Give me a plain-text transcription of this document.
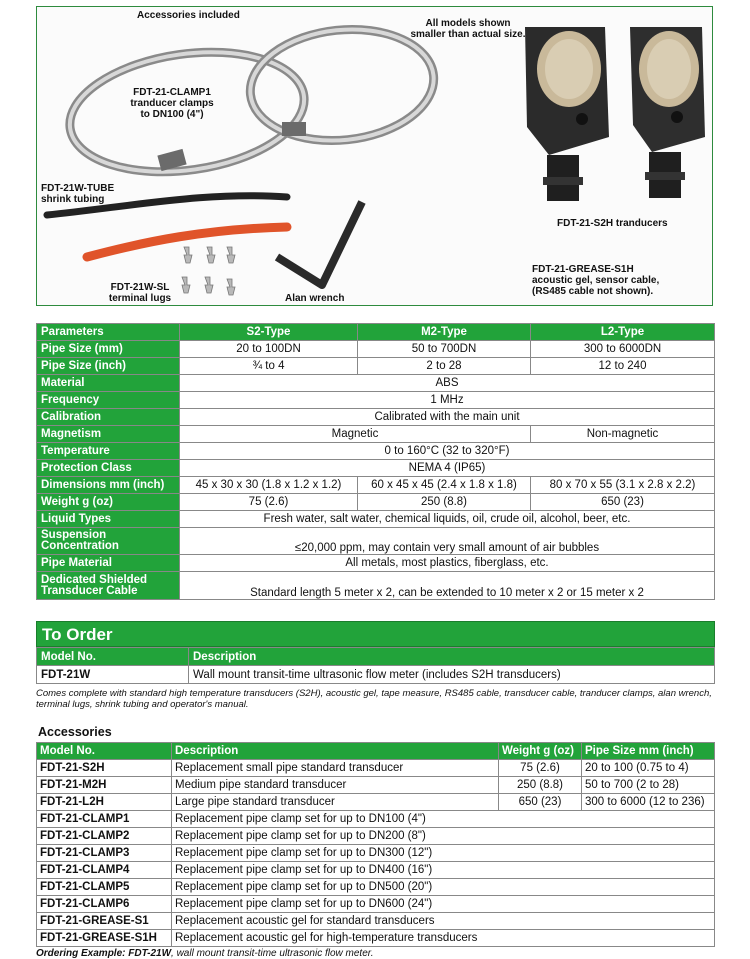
Accessories included
All models shown
smaller than actual size.
FDT-21-CLAMP1
tranducer clamps
to DN100 (4")
FDT-21W-TUBE
shrink tubing
FDT-21W-SL
terminal lugs	Alan wrench
FDT-21-S2H tranducers
FDT-21-GREASE-S1H
acoustic gel, sensor cable,
(RS485 cable not shown).
Parameters	S2-Type	M2-Type	L2-Type
Pipe Size (mm)	20 to 100DN	50 to 700DN	300 to 6000DN
Pipe Size (inch)	¾ to 4	2 to 28	12 to 240
Material	ABS		
Frequency	1 MHz		
Calibration	Calibrated with the main unit		
Magnetism	Magnetic		Non-magnetic
Temperature	0 to 160°C (32 to 320°F)		
Protection Class	NEMA 4 (IP65)		
Dimensions mm (inch)	45 x 30 x 30 (1.8 x 1.2 x 1.2)	60 x 45 x 45 (2.4 x 1.8 x 1.8)	80 x 70 x 55 (3.1 x 2.8 x 2.2)
Weight g (oz)	75 (2.6)	250 (8.8)	650 (23)
Liquid Types	Fresh water, salt water, chemical liquids, oil, crude oil, alcohol, beer, etc.		
Suspension Concentration	≤20,000 ppm, may contain very small amount of air bubbles		
Pipe Material	All metals, most plastics, fiberglass, etc.		
Dedicated Shielded Transducer Cable	Standard length 5 meter x 2, can be extended to 10 meter x 2 or 15 meter x 2		
To Order
Model No.	Description
FDT-21W	Wall mount transit-time ultrasonic flow meter (includes S2H transducers)
Comes complete with standard high temperature transducers (S2H), acoustic gel, tape measure, RS485 cable, transducer cable, tranducer clamps, alan wrench, terminal lugs, shrink tubing and operator's manual.
Accessories
Model No.	Description	Weight g (oz)	Pipe Size mm (inch)
FDT-21-S2H	Replacement small pipe standard transducer	75 (2.6)	20 to 100 (0.75 to 4)
FDT-21-M2H	Medium pipe standard transducer	250 (8.8)	50 to 700 (2 to 28)
FDT-21-L2H	Large pipe standard transducer	650 (23)	300 to 6000 (12 to 236)
FDT-21-CLAMP1	Replacement pipe clamp set for up to DN100 (4")		
FDT-21-CLAMP2	Replacement pipe clamp set for up to DN200 (8")		
FDT-21-CLAMP3	Replacement pipe clamp set for up to DN300 (12")		
FDT-21-CLAMP4	Replacement pipe clamp set for up to DN400 (16")		
FDT-21-CLAMP5	Replacement pipe clamp set for up to DN500 (20")		
FDT-21-CLAMP6	Replacement pipe clamp set for up to DN600 (24")		
FDT-21-GREASE-S1	Replacement acoustic gel for standard transducers		
FDT-21-GREASE-S1H	Replacement acoustic gel for high-temperature transducers		
Ordering Example: FDT-21W, wall mount transit-time ultrasonic flow meter.
